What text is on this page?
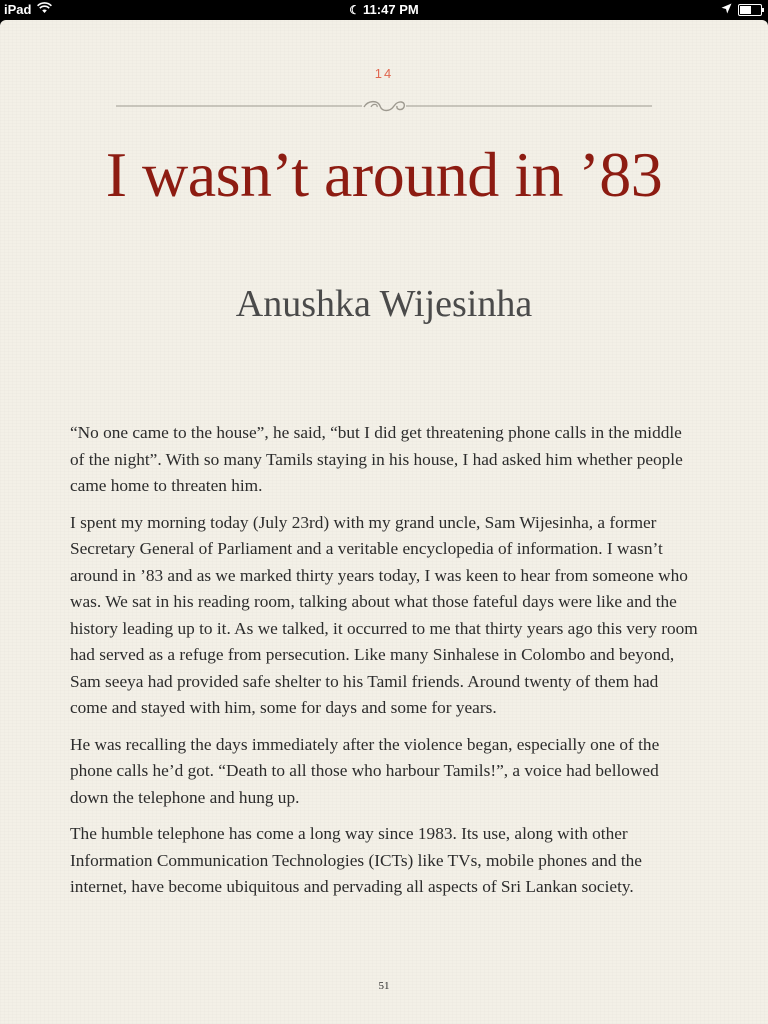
iPad	☾ 11:47 PM
14
I wasn’t around in ’83
Anushka Wijesinha

“No one came to the house”, he said, “but I did get threatening phone calls in the middle of the night”. With so many Tamils staying in his house, I had asked him whether people came home to threaten him.

I spent my morning today (July 23rd) with my grand uncle, Sam Wijesinha, a former Secretary General of Parliament and a veritable encyclopedia of information. I wasn’t around in ’83 and as we marked thirty years today, I was keen to hear from someone who was. We sat in his reading room, talking about what those fateful days were like and the history leading up to it. As we talked, it occurred to me that thirty years ago this very room had served as a refuge from persecution. Like many Sinhalese in Colombo and beyond, Sam seeya had provided safe shelter to his Tamil friends. Around twenty of them had come and stayed with him, some for days and some for years.

He was recalling the days immediately after the violence began, especially one of the phone calls he’d got. “Death to all those who harbour Tamils!”, a voice had bellowed down the telephone and hung up.

The humble telephone has come a long way since 1983. Its use, along with other Information Communication Technologies (ICTs) like TVs, mobile phones and the internet, have become ubiquitous and pervading all aspects of Sri Lankan society.

51
